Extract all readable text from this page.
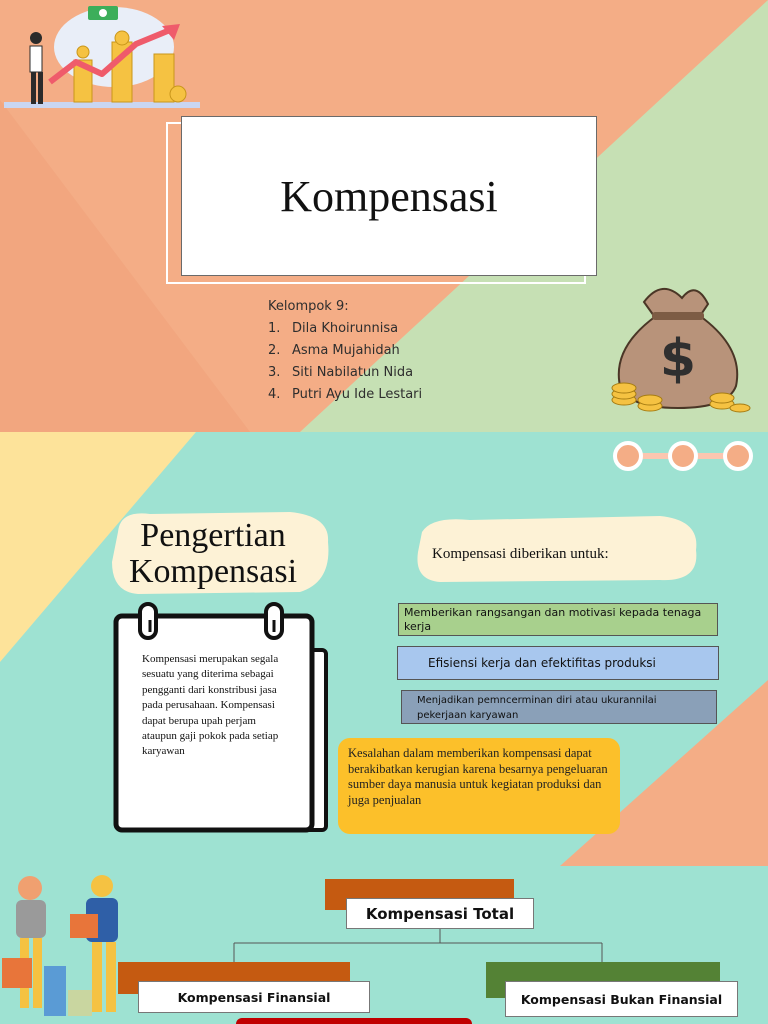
Kompensasi
Kelompok 9:
1. Dila Khoirunnisa
2. Asma Mujahidah
3. Siti Nabilatun Nida
4. Putri Ayu Ide Lestari
$
Pengertian
Kompensasi
Kompensasi merupakan segala sesuatu yang diterima sebagai pengganti dari konstribusi jasa pada perusahaan. Kompensasi dapat berupa upah perjam ataupun gaji pokok pada setiap karyawan
Kompensasi diberikan untuk:
Memberikan rangsangan dan motivasi kepada tenaga kerja
Efisiensi kerja dan efektifitas produksi
Menjadikan pemncerminan diri atau ukurannilai pekerjaan karyawan
Kesalahan dalam memberikan kompensasi dapat berakibatkan kerugian karena besarnya pengeluaran sumber daya manusia untuk kegiatan produksi dan juga penjualan
Kompensasi Total
Kompensasi Finansial	Kompensasi Bukan Finansial
